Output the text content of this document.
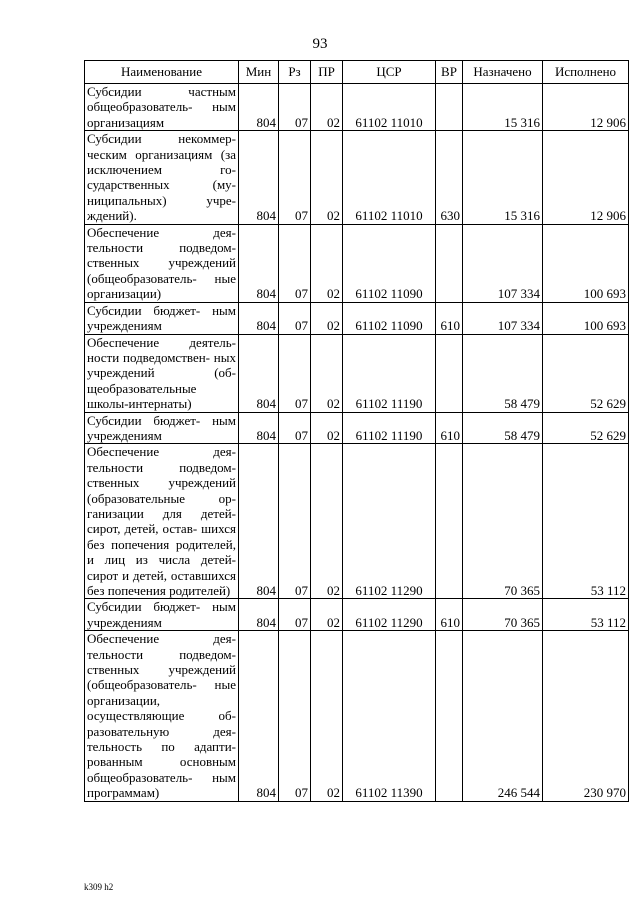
93
Наименование	Мин	Рз	ПР	ЦСР	ВР	Назначено	Исполнено
Субсидии частным общеобразователь- ным организациям	804	07	02	61102 11010		15 316	12 906
Субсидии некоммер- ческим организациям (за исключением го- сударственных (му- ниципальных) учре- ждений).	804	07	02	61102 11010	630	15 316	12 906
Обеспечение дея- тельности подведом- ственных учреждений (общеобразователь- ные организации)	804	07	02	61102 11090		107 334	100 693
Субсидии бюджет- ным учреждениям	804	07	02	61102 11090	610	107 334	100 693
Обеспечение деятель- ности подведомствен- ных учреждений (об- щеобразовательные школы-интернаты)	804	07	02	61102 11190		58 479	52 629
Субсидии бюджет- ным учреждениям	804	07	02	61102 11190	610	58 479	52 629
Обеспечение дея- тельности подведом- ственных учреждений (образовательные ор- ганизации для детей- сирот, детей, остав- шихся без попечения родителей, и лиц из числа детей-сирот и детей, оставшихся без попечения родителей)	804	07	02	61102 11290		70 365	53 112
Субсидии бюджет- ным учреждениям	804	07	02	61102 11290	610	70 365	53 112
Обеспечение дея- тельности подведом- ственных учреждений (общеобразователь- ные организации, осуществляющие об- разовательную дея- тельность по адапти- рованным основным общеобразователь- ным программам)	804	07	02	61102 11390		246 544	230 970
k309 h2
